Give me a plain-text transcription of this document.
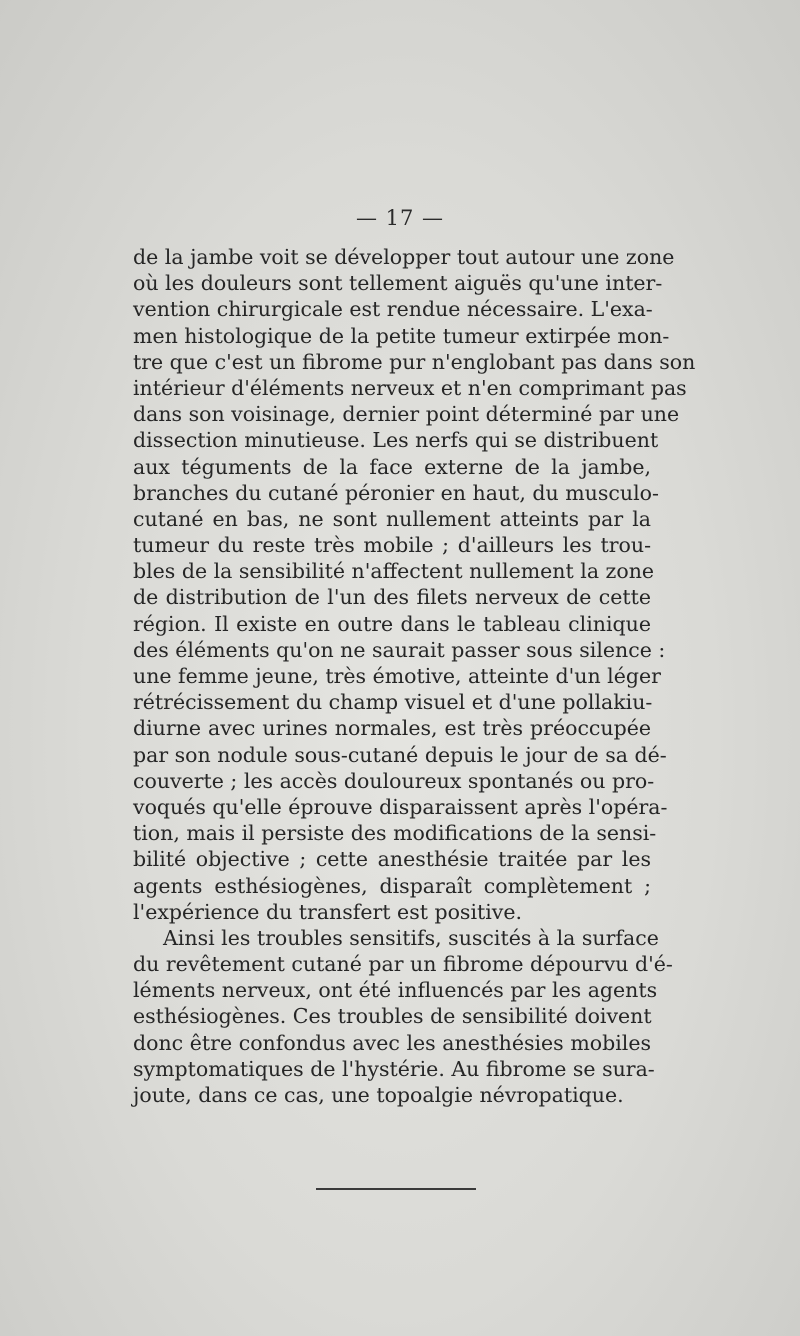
— 17 —
de la jambe voit se développer tout autour une zone
où les douleurs sont tellement aiguës qu'une inter-
vention chirurgicale est rendue nécessaire. L'exa-
men histologique de la petite tumeur extirpée mon-
tre que c'est un fibrome pur n'englobant pas dans son
intérieur d'éléments nerveux et n'en comprimant pas
dans son voisinage, dernier point déterminé par une
dissection minutieuse. Les nerfs qui se distribuent
aux téguments de la face externe de la jambe,
branches du cutané péronier en haut, du musculo-
cutané en bas, ne sont nullement atteints par la
tumeur du reste très mobile ; d'ailleurs les trou-
bles de la sensibilité n'affectent nullement la zone
de distribution de l'un des filets nerveux de cette
région. Il existe en outre dans le tableau clinique
des éléments qu'on ne saurait passer sous silence :
une femme jeune, très émotive, atteinte d'un léger
rétrécissement du champ visuel et d'une pollakiu-
diurne avec urines normales, est très préoccupée
par son nodule sous-cutané depuis le jour de sa dé-
couverte ; les accès douloureux spontanés ou pro-
voqués qu'elle éprouve disparaissent après l'opéra-
tion, mais il persiste des modifications de la sensi-
bilité objective ; cette anesthésie traitée par les
agents esthésiogènes, disparaît complètement ;
l'expérience du transfert est positive.
Ainsi les troubles sensitifs, suscités à la surface
du revêtement cutané par un fibrome dépourvu d'é-
léments nerveux, ont été influencés par les agents
esthésiogènes. Ces troubles de sensibilité doivent
donc être confondus avec les anesthésies mobiles
symptomatiques de l'hystérie. Au fibrome se sura-
joute, dans ce cas, une topoalgie névropatique.
